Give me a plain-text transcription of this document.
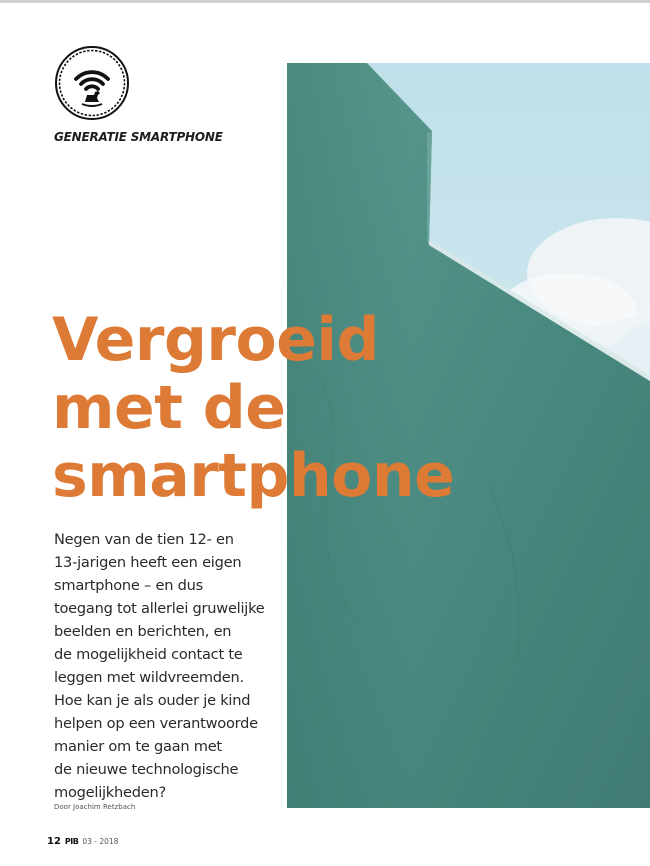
GENERATIE SMARTPHONE
Vergroeid
met de
smartphone

Negen van de tien 12- en
13-jarigen heeft een eigen
smartphone – en dus
toegang tot allerlei gruwelijke
beelden en berichten, en
de mogelijkheid contact te
leggen met wildvreemden.
Hoe kan je als ouder je kind
helpen op een verantwoorde
manier om te gaan met
de nieuwe technologische
mogelijkheden?

Door Joachim Retzbach
12 PIB 03 - 2018
